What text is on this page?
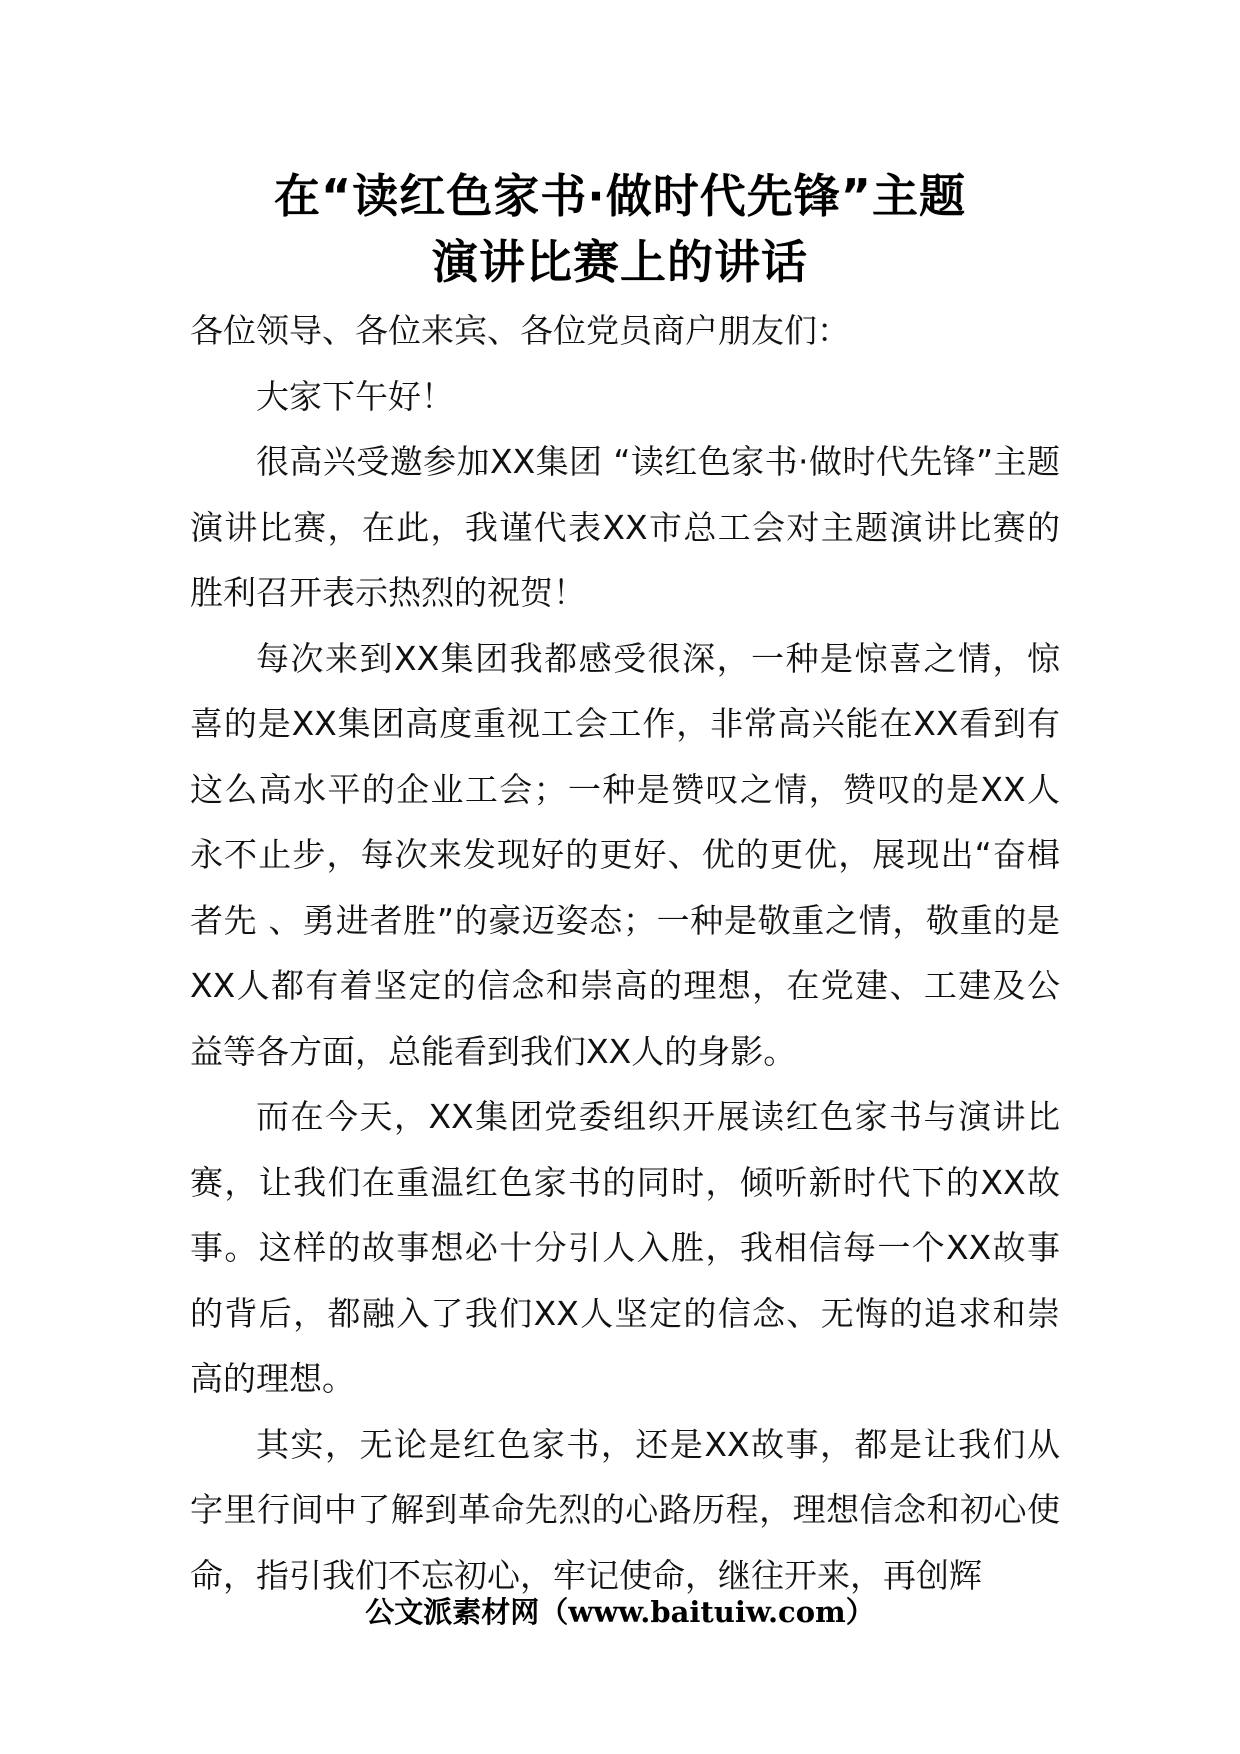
在“读红色家书·做时代先锋”主题
演讲比赛上的讲话

各位领导、各位来宾、各位党员商户朋友们：

大家下午好！

很高兴受邀参加XX集团 “读红色家书·做时代先锋”主题演讲比赛，在此，我谨代表XX市总工会对主题演讲比赛的胜利召开表示热烈的祝贺！

每次来到XX集团我都感受很深，一种是惊喜之情，惊喜的是XX集团高度重视工会工作，非常高兴能在XX看到有这么高水平的企业工会；一种是赞叹之情，赞叹的是XX人永不止步，每次来发现好的更好、优的更优，展现出“奋楫者先 、勇进者胜”的豪迈姿态；一种是敬重之情，敬重的是XX人都有着坚定的信念和崇高的理想，在党建、工建及公益等各方面，总能看到我们XX人的身影。

而在今天，XX集团党委组织开展读红色家书与演讲比赛，让我们在重温红色家书的同时，倾听新时代下的XX故事。这样的故事想必十分引人入胜，我相信每一个XX故事的背后，都融入了我们XX人坚定的信念、无悔的追求和崇高的理想。

其实，无论是红色家书，还是XX故事，都是让我们从字里行间中了解到革命先烈的心路历程，理想信念和初心使命，指引我们不忘初心，牢记使命，继往开来，再创辉

公文派素材网（www.baituiw.com）
